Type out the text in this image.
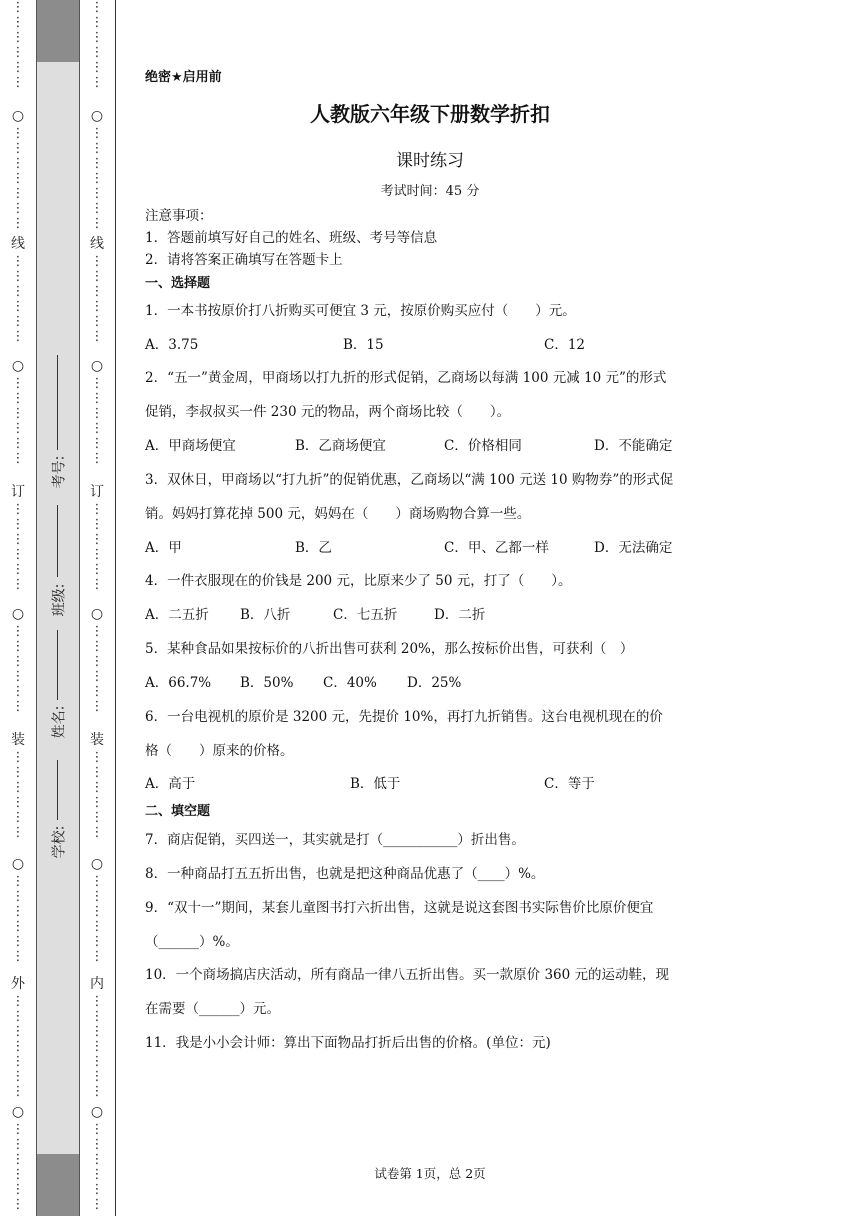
⋮
⋮
⋮
⋮
⋮
⋮
○
⋮
⋮
⋮
⋮
⋮
⋮
⋮
线
⋮
⋮
⋮
⋮
⋮
⋮
○
⋮
⋮
⋮
⋮
⋮
⋮
订
⋮
⋮
⋮
⋮
⋮
⋮
○
⋮
⋮
⋮
⋮
⋮
⋮
装
⋮
⋮
⋮
⋮
⋮
⋮
○
⋮
⋮
⋮
⋮
⋮
⋮
外
⋮
⋮
⋮
⋮
⋮
⋮
⋮
○
⋮
⋮
⋮
⋮
⋮
⋮
学校:
姓名:
班级:
考号:
⋮
⋮
⋮
⋮
⋮
⋮
○
⋮
⋮
⋮
⋮
⋮
⋮
⋮
线
⋮
⋮
⋮
⋮
⋮
⋮
○
⋮
⋮
⋮
⋮
⋮
⋮
订
⋮
⋮
⋮
⋮
⋮
⋮
○
⋮
⋮
⋮
⋮
⋮
⋮
装
⋮
⋮
⋮
⋮
⋮
⋮
○
⋮
⋮
⋮
⋮
⋮
⋮
内
⋮
⋮
⋮
⋮
⋮
⋮
⋮
○
⋮
⋮
⋮
⋮
⋮
⋮
绝密★启用前
人教版六年级下册数学折扣
课时练习
考试时间：45 分
注意事项：
1．答题前填写好自己的姓名、班级、考号等信息
2．请将答案正确填写在答题卡上
一、选择题
1．一本书按原价打八折购买可便宜 3 元，按原价购买应付（　　）元。
A．3.75	B．15	C．12
2．“五一”黄金周，甲商场以打九折的形式促销，乙商场以每满 100 元减 10 元”的形式
促销，李叔叔买一件 230 元的物品，两个商场比较（　　）。
A．甲商场便宜	B．乙商场便宜	C．价格相同	D．不能确定
3．双休日，甲商场以“打九折”的促销优惠，乙商场以“满 100 元送 10 购物券”的形式促
销。妈妈打算花掉 500 元，妈妈在（　　）商场购物合算一些。
A．甲	B．乙	C．甲、乙都一样	D．无法确定
4．一件衣服现在的价钱是 200 元，比原来少了 50 元，打了（　　）。
A．二五折 B．八折	C．七五折	D．二折
5．某种食品如果按标价的八折出售可获利 20%，那么按标价出售，可获利（　）
A．66.7% B．50% C．40% D．25%
6．一台电视机的原价是 3200 元，先提价 10%，再打九折销售。这台电视机现在的价
格（　　）原来的价格。
A．高于	B．低于	C．等于
二、填空题
7．商店促销，买四送一，其实就是打（___________）折出售。
8．一种商品打五五折出售，也就是把这种商品优惠了（____）%。
9．“双十一”期间，某套儿童图书打六折出售，这就是说这套图书实际售价比原价便宜
（______）%。
10．一个商场搞店庆活动，所有商品一律八五折出售。买一款原价 360 元的运动鞋，现
在需要（______）元。
11．我是小小会计师：算出下面物品打折后出售的价格。(单位：元)
试卷第 1页，总 2页
